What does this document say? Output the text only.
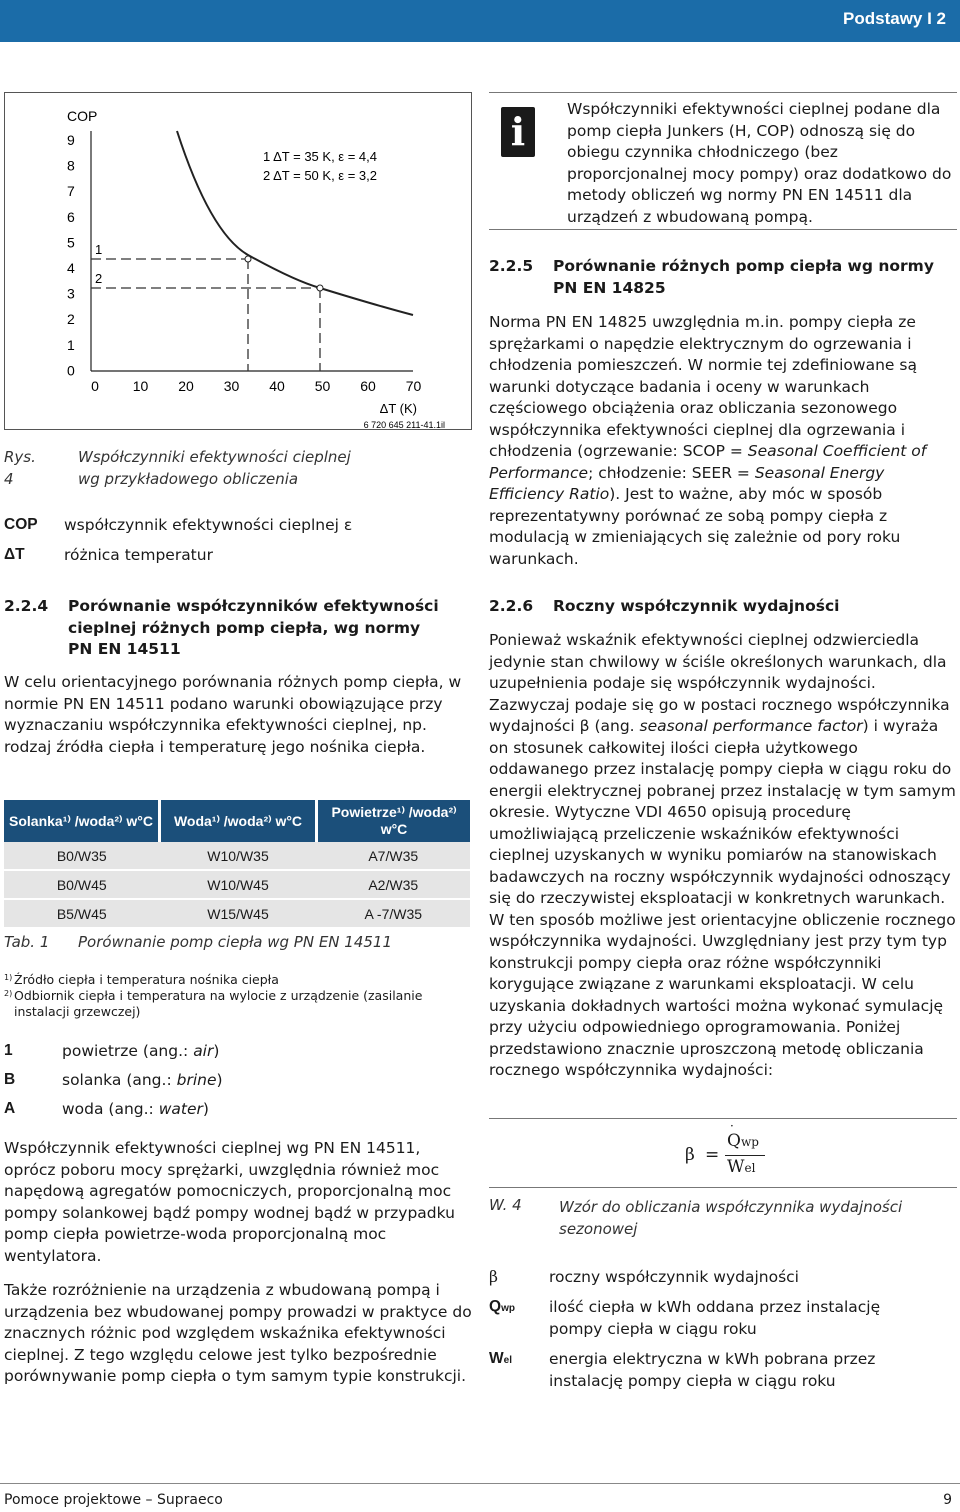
Podstawy I 2
COP
9
8
7
6
5
4
3
2
1
0
0 10 20 30 40 50 60 70
1
2
1 ΔT = 35 K, ε = 4,4
2 ΔT = 50 K, ε = 3,2
ΔT (K)
6 720 645 211-41.1il
Rys. 4
Współczynniki efektywności cieplnej
wg przykładowego obliczenia
COP współczynnik efektywności cieplnej ε
ΔT	różnica temperatur
2.2.4 Porównanie współczynników efektywności cieplnej różnych pomp ciepła, wg normy PN EN 14511
W celu orientacyjnego porównania różnych pomp ciepła, w normie PN EN 14511 podano warunki obowiązujące przy wyznaczaniu współczynnika efektywności cieplnej, np. rodzaj źródła ciepła i temperaturę jego nośnika ciepła.
Solanka¹⁾ /woda²⁾ w°C	Woda¹⁾ /woda²⁾ w°C	Powietrze¹⁾ /woda²⁾ w°C
B0/W35	W10/W35	A7/W35
B0/W45	W10/W45	A2/W35
B5/W45	W15/W45	A -7/W35
Tab. 1 Porównanie pomp ciepła wg PN EN 14511
1) Źródło ciepła i temperatura nośnika ciepła
2) Odbiornik ciepła i temperatura na wylocie z urządzenie (zasilanie instalacji grzewczej)
1	powietrze (ang.: air)
B	solanka (ang.: brine)
A	woda (ang.: water)
Współczynnik efektywności cieplnej wg PN EN 14511, oprócz poboru mocy sprężarki, uwzględnia również moc napędową agregatów pomocniczych, proporcjonalną moc pompy solankowej bądź pompy wodnej bądź w przypadku pomp ciepła powietrze-woda proporcjonalną moc wentylatora.
Także rozróżnienie na urządzenia z wbudowaną pompą i urządzenia bez wbudowanej pompy prowadzi w praktyce do znacznych różnic pod względem wskaźnika efektywności cieplnej. Z tego względu celowe jest tylko bezpośrednie porównywanie pomp ciepła o tym samym typie konstrukcji.
i	Współczynniki efektywności cieplnej podane dla pomp ciepła Junkers (H, COP) odnoszą się do obiegu czynnika chłodniczego (bez proporcjonalnej mocy pompy) oraz dodatkowo do metody obliczeń wg normy PN EN 14511 dla urządzeń z wbudowaną pompą.
2.2.5 Porównanie różnych pomp ciepła wg normy PN EN 14825
Norma PN EN 14825 uwzględnia m.in. pompy ciepła ze sprężarkami o napędzie elektrycznym do ogrzewania i chłodzenia pomieszczeń. W normie tej zdefiniowane są warunki dotyczące badania i oceny w warunkach częściowego obciążenia oraz obliczania sezonowego współczynnika efektywności cieplnej dla ogrzewania i chłodzenia (ogrzewanie: SCOP = Seasonal Coefficient of Performance; chłodzenie: SEER = Seasonal Energy Efficiency Ratio). Jest to ważne, aby móc w sposób reprezentatywny porównać ze sobą pompy ciepła z modulacją w zmieniających się zależnie od pory roku warunkach.
2.2.6 Roczny współczynnik wydajności
Ponieważ wskaźnik efektywności cieplnej odzwierciedla jedynie stan chwilowy w ściśle określonych warunkach, dla uzupełnienia podaje się współczynnik wydajności. Zazwyczaj podaje się go w postaci rocznego współczynnika wydajności β (ang. seasonal performance factor) i wyraża on stosunek całkowitej ilości ciepła użytkowego oddawanego przez instalację pompy ciepła w ciągu roku do energii elektrycznej pobranej przez instalację w tym samym okresie. Wytyczne VDI 4650 opisują procedurę umożliwiającą przeliczenie wskaźników efektywności cieplnej uzyskanych w wyniku pomiarów na stanowiskach badawczych na roczny współczynnik wydajności odnoszący się do rzeczywistej eksploatacji w konkretnych warunkach. W ten sposób możliwe jest orientacyjne obliczenie rocznego współczynnika wydajności. Uwzględniany jest przy tym typ konstrukcji pompy ciepła oraz różne współczynniki korygujące związane z warunkami eksploatacji. W celu uzyskania dokładnych wartości można wykonać symulację przy użyciu odpowiedniego oprogramowania. Poniżej przedstawiono znacznie uproszczoną metodę obliczania rocznego współczynnika wydajności:
β =
Q
·
wp
Wel
W. 4 Wzór do obliczania współczynnika wydajności sezonowej
β	roczny współczynnik wydajności
Qwp ilość ciepła w kWh oddana przez instalację pompy ciepła w ciągu roku
Wel energia elektryczna w kWh pobrana przez instalację pompy ciepła w ciągu roku
Pomoce projektowe – Supraeco	9
